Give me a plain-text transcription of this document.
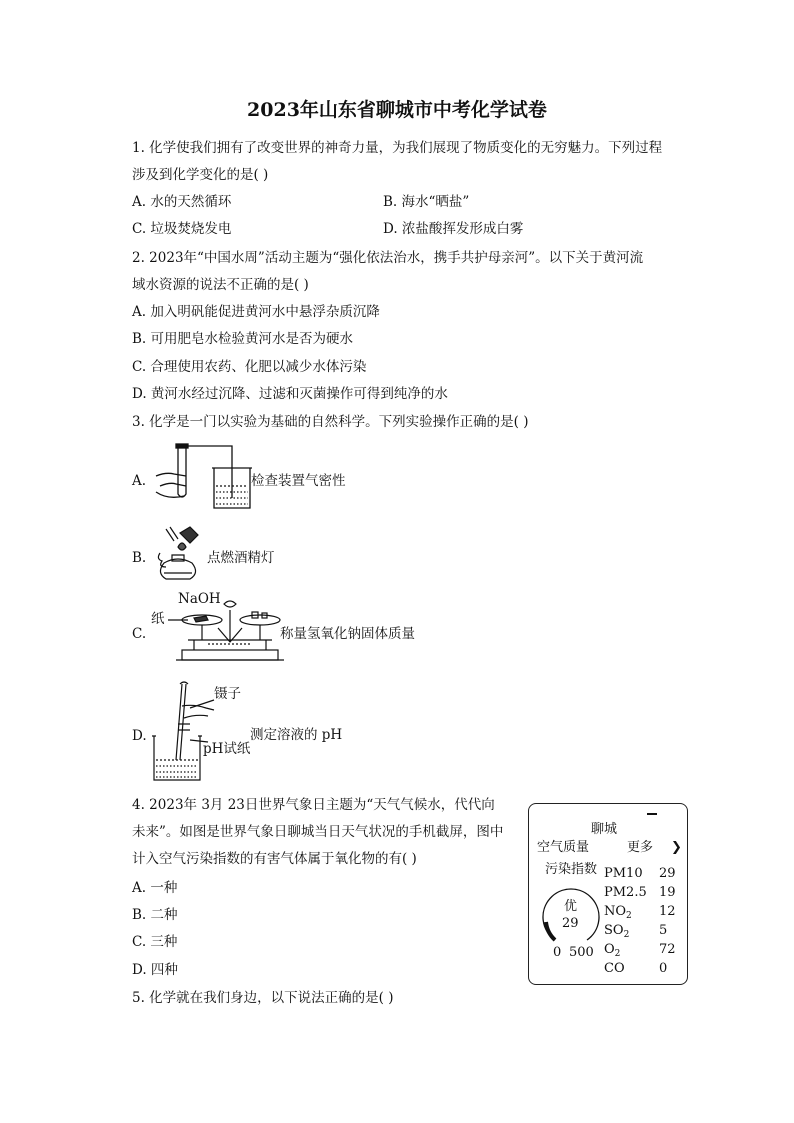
2023年山东省聊城市中考化学试卷
1. 化学使我们拥有了改变世界的神奇力量，为我们展现了物质变化的无穷魅力。下列过程
涉及到化学变化的是( )
A. 水的天然循环	B. 海水“晒盐”
C. 垃圾焚烧发电	D. 浓盐酸挥发形成白雾
2. 2023年“中国水周”活动主题为“强化依法治水，携手共护母亲河”。以下关于黄河流
域水资源的说法不正确的是( )
A. 加入明矾能促进黄河水中悬浮杂质沉降
B. 可用肥皂水检验黄河水是否为硬水
C. 合理使用农药、化肥以减少水体污染
D. 黄河水经过沉降、过滤和灭菌操作可得到纯净的水
3. 化学是一门以实验为基础的自然科学。下列实验操作正确的是( )
A.	检查装置气密性
B.	点燃酒精灯
C.
NaOH
纸
称量氢氧化钠固体质量
D.
镊子
pH试纸
测定溶液的 pH
4. 2023年 3月 23日世界气象日主题为“天气气候水，代代向
未来”。如图是世界气象日聊城当日天气状况的手机截屏，图中
计入空气污染指数的有害气体属于氧化物的有( )
A. 一种
B. 二种
C. 三种
D. 四种
聊城
空气质量	更多 ❯
污染指数
优
29
0 500
PM10 29
PM2.5 19
$NO_2$ 12
$SO_2$ 5
$O_2$	72
CO	0
5. 化学就在我们身边，以下说法正确的是( )
